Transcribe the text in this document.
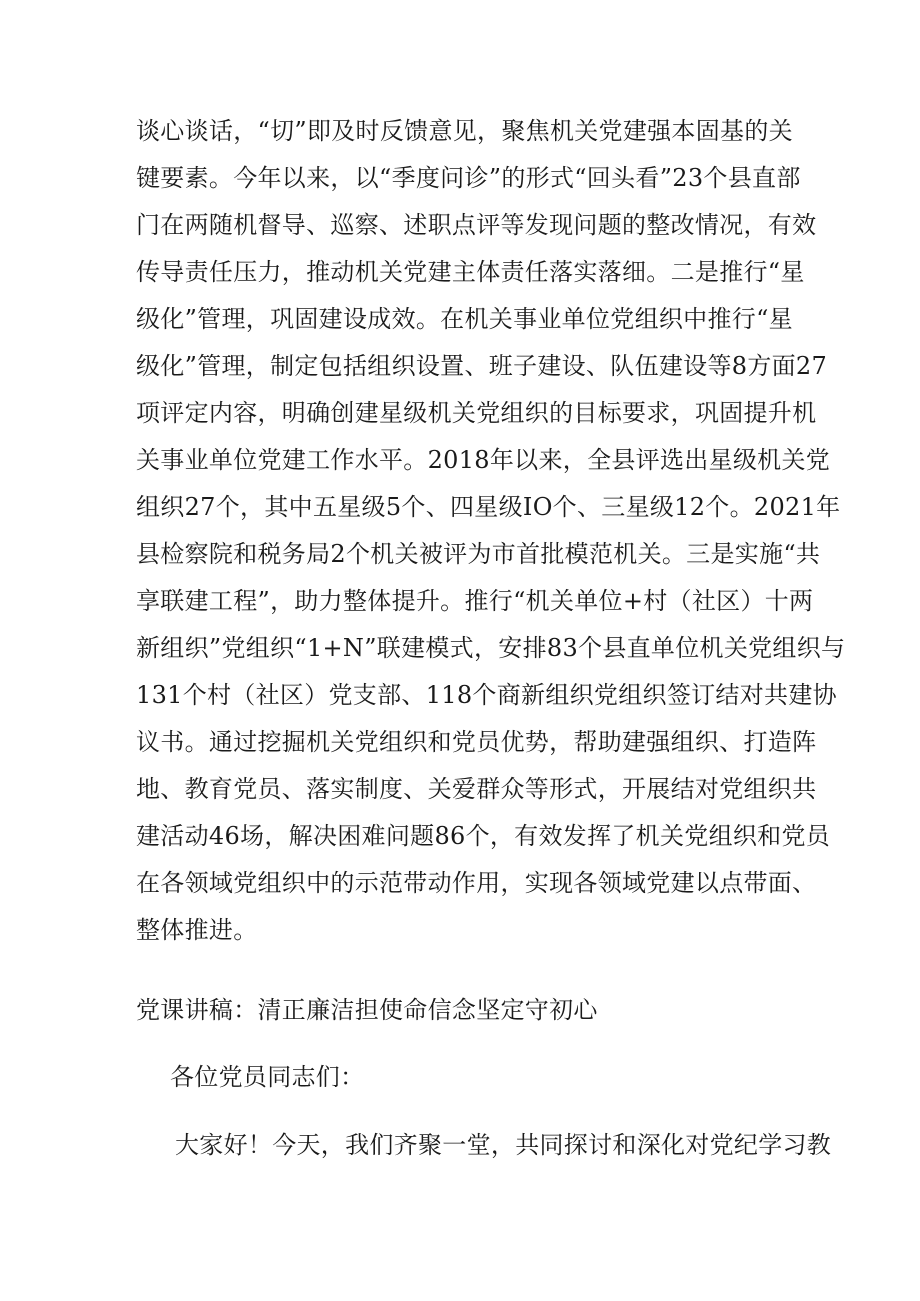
谈心谈话，“切”即及时反馈意见，聚焦机关党建强本固基的关
键要素。今年以来，以“季度问诊”的形式“回头看”23个县直部
门在两随机督导、巡察、述职点评等发现问题的整改情况，有效
传导责任压力，推动机关党建主体责任落实落细。二是推行“星
级化”管理，巩固建设成效。在机关事业单位党组织中推行“星
级化”管理，制定包括组织设置、班子建设、队伍建设等8方面27
项评定内容，明确创建星级机关党组织的目标要求，巩固提升机
关事业单位党建工作水平。2018年以来，全县评选出星级机关党
组织27个，其中五星级5个、四星级IO个、三星级12个。2021年
县检察院和税务局2个机关被评为市首批模范机关。三是实施“共
享联建工程”，助力整体提升。推行“机关单位+村（社区）十两
新组织”党组织“1+N”联建模式，安排83个县直单位机关党组织与
131个村（社区）党支部、118个商新组织党组织签订结对共建协
议书。通过挖掘机关党组织和党员优势，帮助建强组织、打造阵
地、教育党员、落实制度、关爱群众等形式，开展结对党组织共
建活动46场，解决困难问题86个，有效发挥了机关党组织和党员
在各领域党组织中的示范带动作用，实现各领域党建以点带面、
整体推进。
党课讲稿：清正廉洁担使命信念坚定守初心
各位党员同志们：
大家好！今天，我们齐聚一堂，共同探讨和深化对党纪学习教
